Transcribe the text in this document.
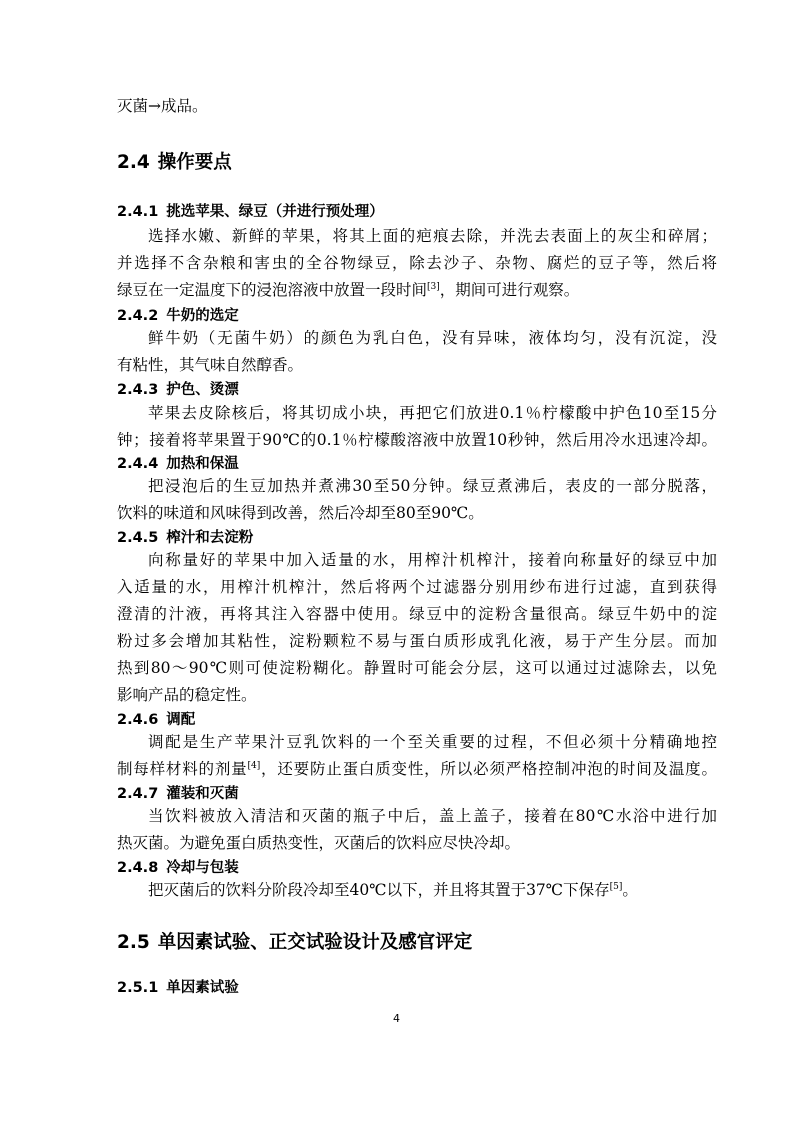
灭菌→成品。
2.4 操作要点
2.4.1 挑选苹果、绿豆（并进行预处理）
选择水嫩、新鲜的苹果，将其上面的疤痕去除，并洗去表面上的灰尘和碎屑；
并选择不含杂粮和害虫的全谷物绿豆，除去沙子、杂物、腐烂的豆子等，然后将
绿豆在一定温度下的浸泡溶液中放置一段时间[3]，期间可进行观察。
2.4.2 牛奶的选定
鲜牛奶（无菌牛奶）的颜色为乳白色，没有异味，液体均匀，没有沉淀，没
有粘性，其气味自然醇香。
2.4.3 护色、烫漂
苹果去皮除核后，将其切成小块，再把它们放进0.1％柠檬酸中护色10至15分
钟；接着将苹果置于90℃的0.1％柠檬酸溶液中放置10秒钟，然后用冷水迅速冷却。
2.4.4 加热和保温
把浸泡后的生豆加热并煮沸30至50分钟。绿豆煮沸后，表皮的一部分脱落，
饮料的味道和风味得到改善，然后冷却至80至90℃。
2.4.5 榨汁和去淀粉
向称量好的苹果中加入适量的水，用榨汁机榨汁，接着向称量好的绿豆中加
入适量的水，用榨汁机榨汁，然后将两个过滤器分别用纱布进行过滤，直到获得
澄清的汁液，再将其注入容器中使用。绿豆中的淀粉含量很高。绿豆牛奶中的淀
粉过多会增加其粘性，淀粉颗粒不易与蛋白质形成乳化液，易于产生分层。而加
热到80～90℃则可使淀粉糊化。静置时可能会分层，这可以通过过滤除去，以免
影响产品的稳定性。
2.4.6 调配
调配是生产苹果汁豆乳饮料的一个至关重要的过程，不但必须十分精确地控
制每样材料的剂量[4]，还要防止蛋白质变性，所以必须严格控制冲泡的时间及温度。
2.4.7 灌装和灭菌
当饮料被放入清洁和灭菌的瓶子中后，盖上盖子，接着在80℃水浴中进行加
热灭菌。为避免蛋白质热变性，灭菌后的饮料应尽快冷却。
2.4.8 冷却与包装
把灭菌后的饮料分阶段冷却至40℃以下，并且将其置于37℃下保存[5]。
2.5 单因素试验、正交试验设计及感官评定
2.5.1 单因素试验
4
